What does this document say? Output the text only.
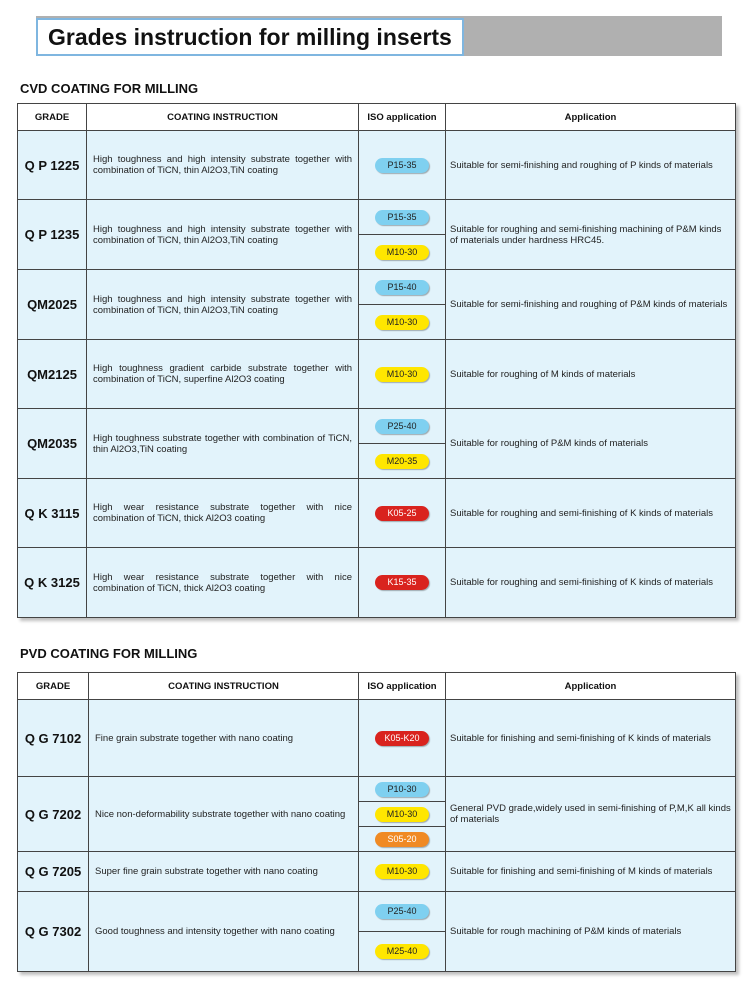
Grades instruction for milling inserts
CVD COATING FOR MILLING
GRADE	COATING INSTRUCTION	ISO application	Application
Q P 1225	High toughness and high intensity substrate together with combination of TiCN, thin Al2O3,TiN coating	P15-35	Suitable for semi-finishing and roughing of P kinds of materials
Q P 1235	High toughness and high intensity substrate together with combination of TiCN, thin Al2O3,TiN coating	P15-35	Suitable for roughing and semi-finishing machining of P&M kinds of materials under hardness HRC45.
		M10-30	
QM2025	High toughness and high intensity substrate together with combination of TiCN, thin Al2O3,TiN coating	P15-40	Suitable for semi-finishing and roughing of P&M kinds of materials
		M10-30	
QM2125	High toughness gradient carbide substrate together with combination of TiCN, superfine Al2O3 coating	M10-30	Suitable for roughing of M kinds of materials
QM2035	High toughness substrate together with combination of TiCN, thin Al2O3,TiN coating	P25-40	Suitable for roughing of P&M kinds of materials
		M20-35	
Q K 3115	High wear resistance substrate together with nice combination of TiCN, thick Al2O3 coating	K05-25	Suitable for roughing and semi-finishing of K kinds of materials
Q K 3125	High wear resistance substrate together with nice combination of TiCN, thick Al2O3 coating	K15-35	Suitable for roughing and semi-finishing of K kinds of materials
PVD COATING FOR MILLING
GRADE	COATING INSTRUCTION	ISO application	Application
Q G 7102	Fine grain substrate together with nano coating	K05-K20	Suitable for finishing and semi-finishing of K kinds of materials
Q G 7202	Nice non-deformability substrate together with nano coating	P10-30	General PVD grade,widely used in semi-finishing of P,M,K all kinds of materials
		M10-30	
		S05-20	
Q G 7205	Super fine grain substrate together with nano coating	M10-30	Suitable for finishing and semi-finishing of M kinds of materials
Q G 7302	Good toughness and intensity together with nano coating	P25-40	Suitable for rough machining of P&M kinds of materials
		M25-40	
